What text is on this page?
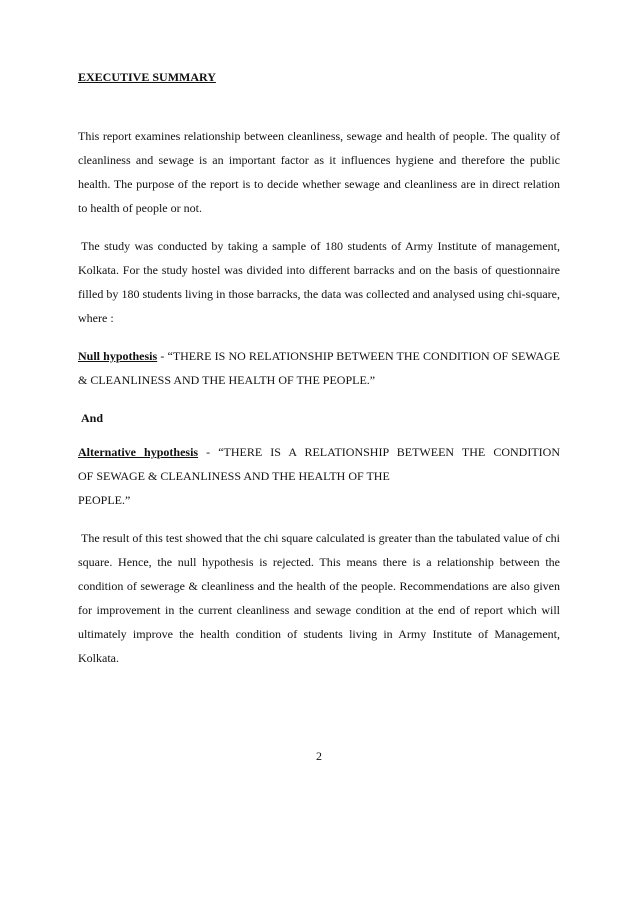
EXECUTIVE SUMMARY

This report examines relationship between cleanliness, sewage and health of people. The quality of cleanliness and sewage is an important factor as it influences hygiene and therefore the public health. The purpose of the report is to decide whether sewage and cleanliness are in direct relation to health of people or not.

The study was conducted by taking a sample of 180 students of Army Institute of management, Kolkata. For the study hostel was divided into different barracks and on the basis of questionnaire filled by 180 students living in those barracks, the data was collected and analysed using chi-square, where :

Null hypothesis - “THERE IS NO RELATIONSHIP BETWEEN THE CONDITION OF SEWAGE & CLEANLINESS AND THE HEALTH OF THE PEOPLE.”

And

Alternative hypothesis - “THERE IS A RELATIONSHIP BETWEEN THE CONDITION
OF SEWAGE & CLEANLINESS AND THE HEALTH OF THE
PEOPLE.”

The result of this test showed that the chi square calculated is greater than the tabulated value of chi square. Hence, the null hypothesis is rejected. This means there is a relationship between the condition of sewerage & cleanliness and the health of the people. Recommendations are also given for improvement in the current cleanliness and sewage condition at the end of report which will ultimately improve the health condition of students living in Army Institute of Management, Kolkata.

2
